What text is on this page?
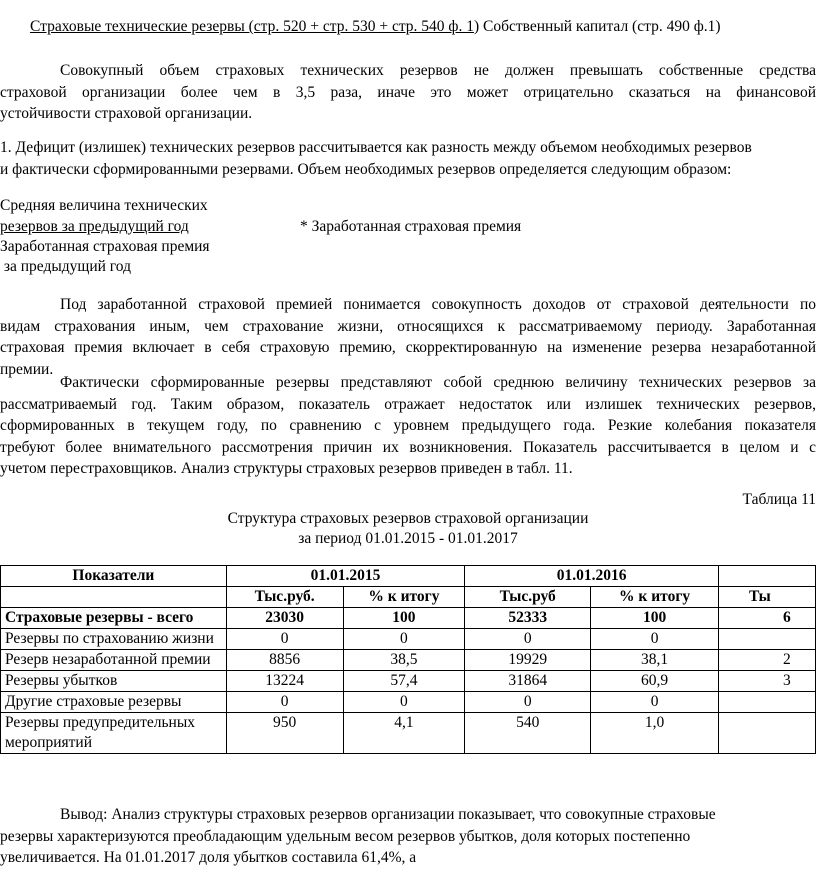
Страховые технические резервы (стр. 520 + стр. 530 + стр. 540 ф. 1) Собственный капитал (стр. 490 ф.1)
Совокупный объем страховых технических резервов не должен превышать собственные средства
страховой организации более чем в 3,5 раза, иначе это может отрицательно сказаться на финансовой
устойчивости страховой организации.
1. Дефицит (излишек) технических резервов рассчитывается как разность между объемом необходимых резервов
и фактически сформированными резервами. Объем необходимых резервов определяется следующим образом:
Средняя величина технических
резервов за предыдущий год	* Заработанная страховая премия
Заработанная страховая премия
за предыдущий год
Под заработанной страховой премией понимается совокупность доходов от страховой деятельности по
видам страхования иным, чем страхование жизни, относящихся к рассматриваемому периоду. Заработанная
страховая премия включает в себя страховую премию, скорректированную на изменение резерва незаработанной
премии.
Фактически сформированные резервы представляют собой среднюю величину технических резервов за
рассматриваемый год. Таким образом, показатель отражает недостаток или излишек технических резервов,
сформированных в текущем году, по сравнению с уровнем предыдущего года. Резкие колебания показателя
требуют более внимательного рассмотрения причин их возникновения. Показатель рассчитывается в целом и с
учетом перестраховщиков. Анализ структуры страховых резервов приведен в табл. 11.
Таблица 11
Структура страховых резервов страховой организации
за период 01.01.2015 - 01.01.2017
Показатели	01.01.2015		01.01.2016		
	Тыс.руб.	% к итогу	Тыс.руб	% к итогу	Ты
Страховые резервы - всего	23030	100	52333	100	6
Резервы по страхованию жизни	0	0	0	0	
Резерв незаработанной премии	8856	38,5	19929	38,1	2
Резервы убытков	13224	57,4	31864	60,9	3
Другие страховые резервы	0	0	0	0	
Резервы предупредительных мероприятий	950	4,1	540	1,0	
Вывод: Анализ структуры страховых резервов организации показывает, что совокупные страховые
резервы характеризуются преобладающим удельным весом резервов убытков, доля которых постепенно
увеличивается. На 01.01.2017 доля убытков составила 61,4%, а
